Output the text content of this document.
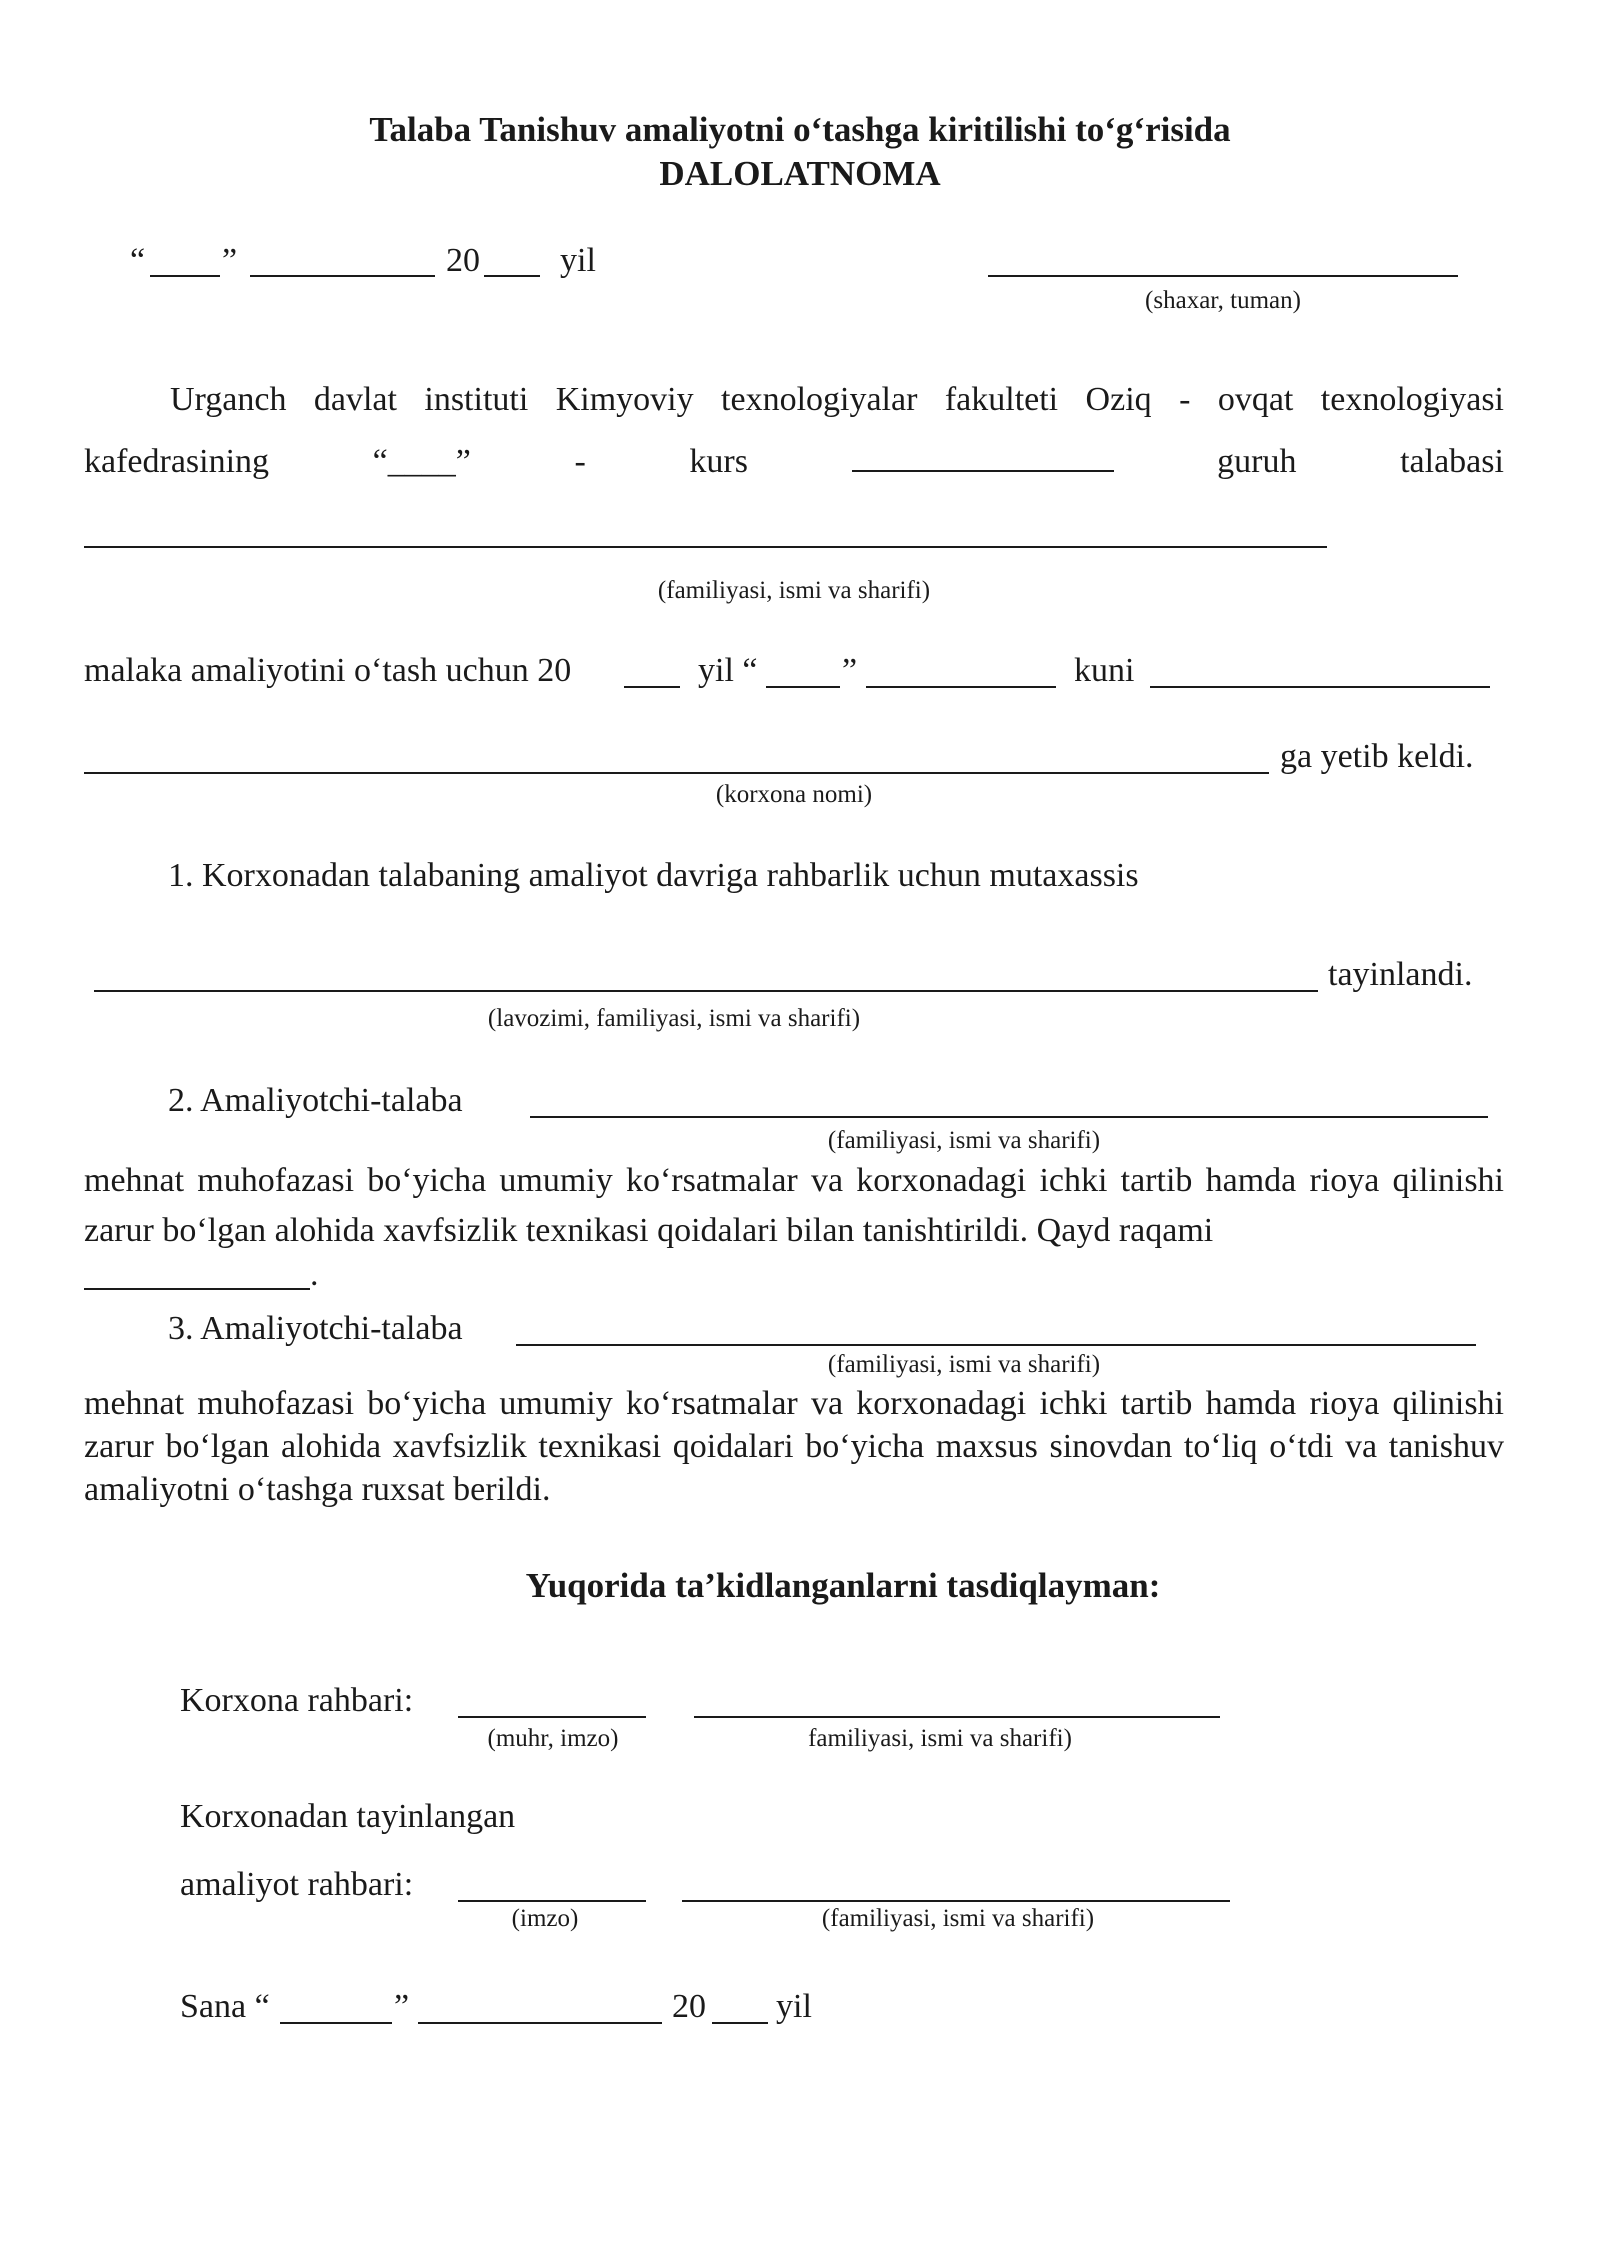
Talaba Tanishuv amaliyotni o‘tashga kiritilishi to‘g‘risida
DALOLATNOMA
“ ”	20 yil
(shaxar, tuman)
Urganch davlat instituti Kimyoviy texnologiyalar fakulteti Oziq - ovqat texnologiyasi
kafedrasining	“____”	-	kurs	guruh	talabasi
(familiyasi, ismi va sharifi)
malaka amaliyotini o‘tash uchun 20	yil “ ”	kuni
ga yetib keldi.
(korxona nomi)
1. Korxonadan talabaning amaliyot davriga rahbarlik uchun mutaxassis
tayinlandi.
(lavozimi, familiyasi, ismi va sharifi)
2. Amaliyotchi-talaba
(familiyasi, ismi va sharifi)
mehnat muhofazasi bo‘yicha umumiy ko‘rsatmalar va korxonadagi ichki tartib hamda rioya qilinishi zarur bo‘lgan alohida xavfsizlik texnikasi qoidalari bilan tanishtirildi. Qayd raqami
.
3. Amaliyotchi-talaba
(familiyasi, ismi va sharifi)
mehnat muhofazasi bo‘yicha umumiy ko‘rsatmalar va korxonadagi ichki tartib hamda rioya qilinishi zarur bo‘lgan alohida xavfsizlik texnikasi qoidalari bo‘yicha maxsus sinovdan to‘liq o‘tdi va tanishuv amaliyotni o‘tashga ruxsat berildi.
Yuqorida ta’kidlanganlarni tasdiqlayman:
Korxona rahbari:
(muhr, imzo)	familiyasi, ismi va sharifi)
Korxonadan tayinlangan
amaliyot rahbari:
(imzo)	(familiyasi, ismi va sharifi)
Sana “	”	20 yil
